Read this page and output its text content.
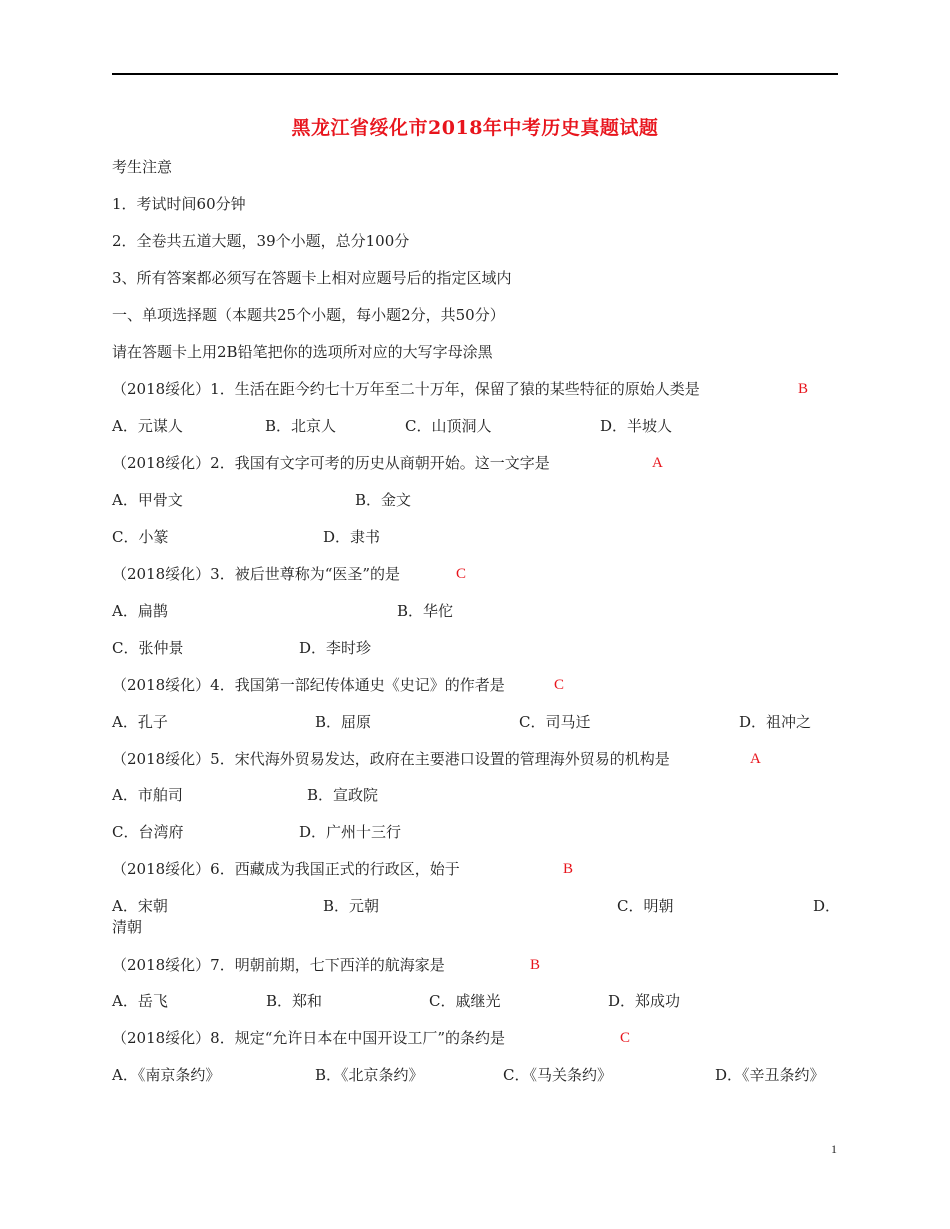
黑龙江省绥化市2018年中考历史真题试题
考生注意
1．考试时间60分钟
2．全卷共五道大题，39个小题，总分100分
3、所有答案都必须写在答题卡上相对应题号后的指定区域内
一、单项选择题（本题共25个小题，每小题2分，共50分）
请在答题卡上用2B铅笔把你的选项所对应的大写字母涂黑
（2018绥化）1．生活在距今约七十万年至二十万年，保留了猿的某些特征的原始人类是	B
A．元谋人	B．北京人	C．山顶洞人	D．半坡人
（2018绥化）2．我国有文字可考的历史从商朝开始。这一文字是	A
A．甲骨文	B．金文
C．小篆	D．隶书
（2018绥化）3．被后世尊称为“医圣”的是	C
A．扁鹊	B．华佗
C．张仲景	D．李时珍
（2018绥化）4．我国第一部纪传体通史《史记》的作者是	C
A．孔子	B．屈原	C．司马迁	D．祖冲之
（2018绥化）5．宋代海外贸易发达，政府在主要港口设置的管理海外贸易的机构是	A
A．市舶司	B．宣政院
C．台湾府	D．广州十三行
（2018绥化）6．西藏成为我国正式的行政区，始于	B
A．宋朝	B．元朝	C．明朝	D．
清朝
（2018绥化）7．明朝前期，七下西洋的航海家是	B
A．岳飞	B．郑和	C．戚继光	D．郑成功
（2018绥化）8．规定“允许日本在中国开设工厂”的条约是	C
A．《南京条约》	B．《北京条约》	C．《马关条约》	D．《辛丑条约》
1
